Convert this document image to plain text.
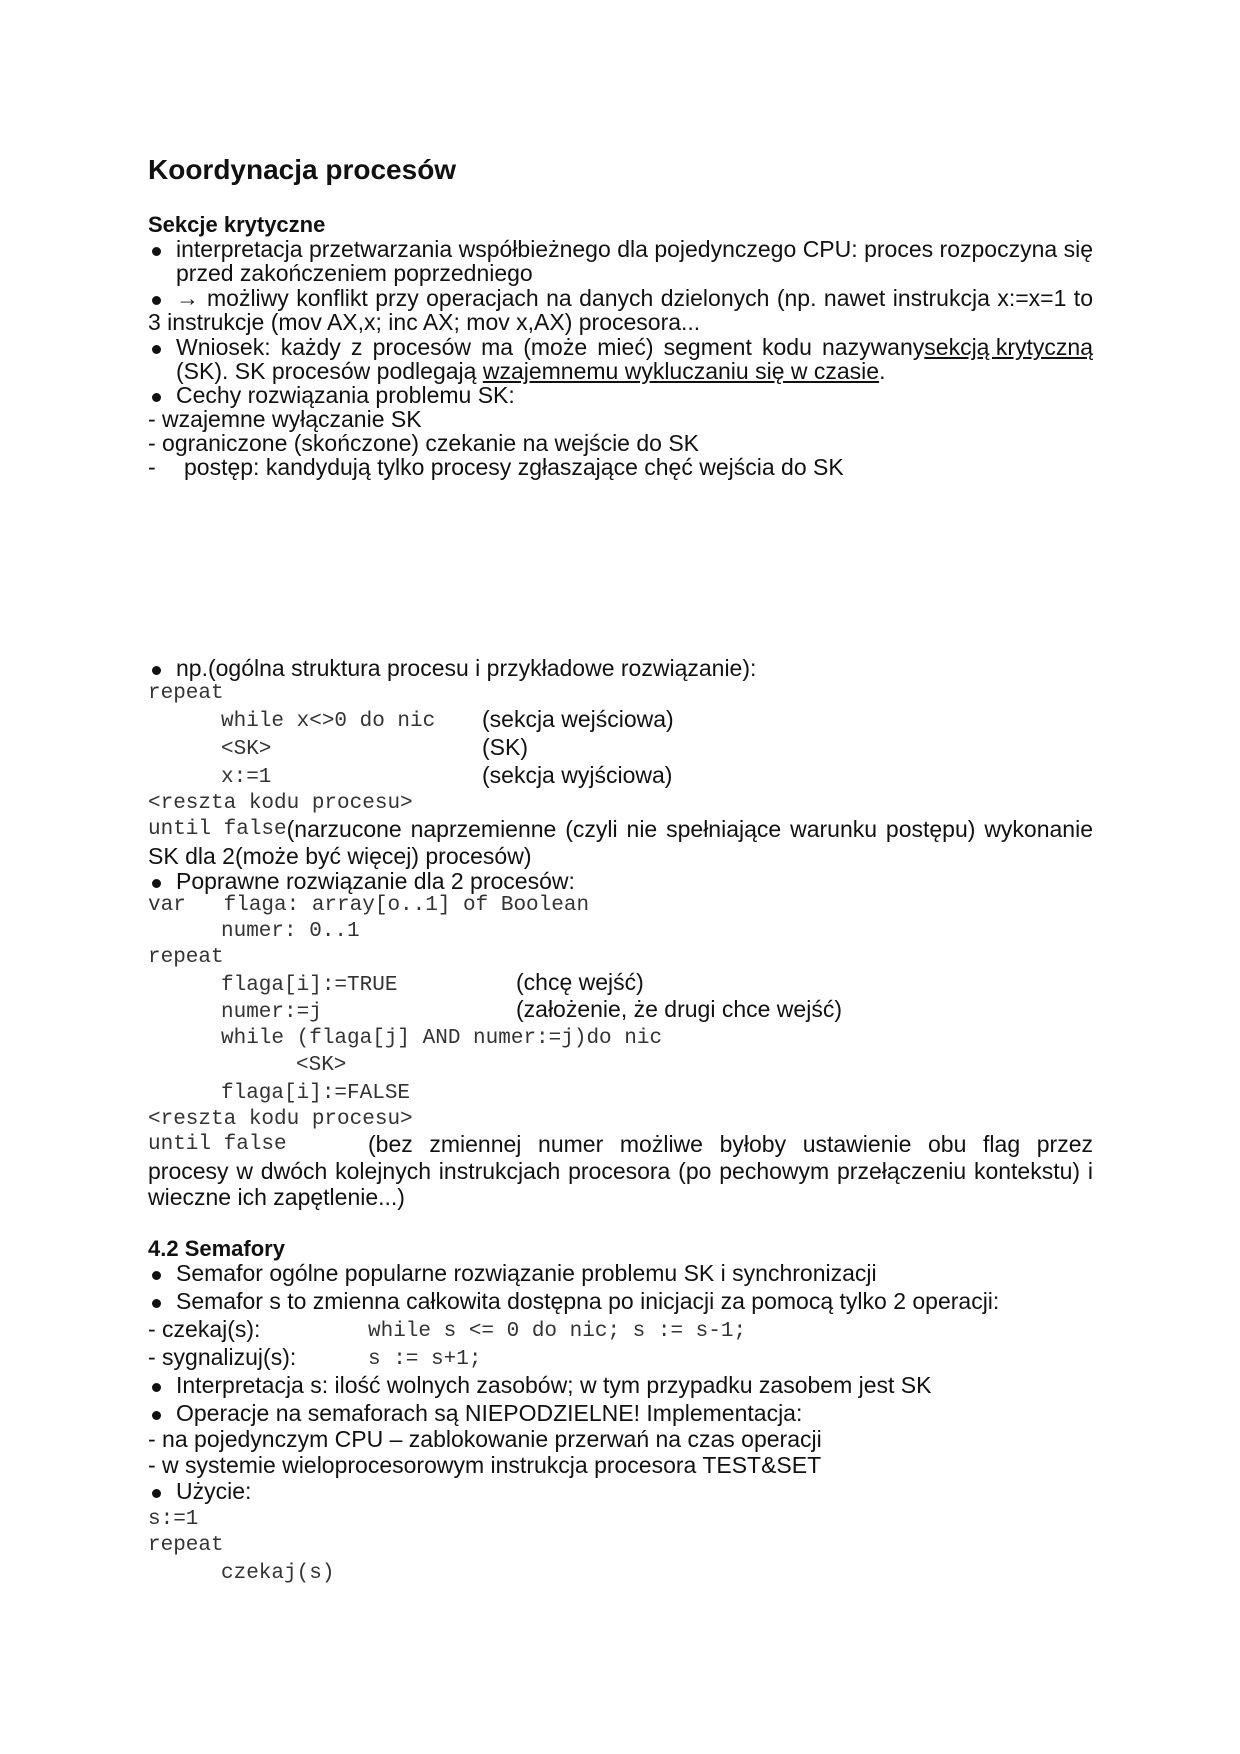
Koordynacja procesów
Sekcje krytyczne
interpretacja przetwarzania współbieżnego dla pojedynczego CPU: proces rozpoczyna się
przed zakończeniem poprzedniego
→ możliwy konflikt przy operacjach na danych dzielonych (np. nawet instrukcja x:=x=1 to
3 instrukcje (mov AX,x; inc AX; mov x,AX) procesora...
Wniosek: każdy z procesów ma (może mieć) segment kodu nazywany sekcją krytyczną
(SK). SK procesów podlegają wzajemnemu wykluczaniu się w czasie.
Cechy rozwiązania problemu SK:
- wzajemne wyłączanie SK
- ograniczone (skończone) czekanie na wejście do SK
- postęp: kandydują tylko procesy zgłaszające chęć wejścia do SK
np.(ogólna struktura procesu i przykładowe rozwiązanie):
repeat
while x<>0 do nic (sekcja wejściowa)
<SK>	(SK)
x:=1	(sekcja wyjściowa)
<reszta kodu procesu>
until false (narzucone naprzemienne (czyli nie spełniające warunku postępu) wykonanie
SK dla 2(może być więcej) procesów)
Poprawne rozwiązanie dla 2 procesów:
var   flaga: array[o..1] of Boolean
numer: 0..1
repeat
flaga[i]:=TRUE	(chcę wejść)
numer:=j	(założenie, że drugi chce wejść)
while (flaga[j] AND numer:=j)do nic
<SK>
flaga[i]:=FALSE
<reszta kodu procesu>
until false	(bez zmiennej numer możliwe byłoby ustawienie obu flag przez
procesy w dwóch kolejnych instrukcjach procesora (po pechowym przełączeniu kontekstu) i
wieczne ich zapętlenie...)
4.2 Semafory
Semafor ogólne popularne rozwiązanie problemu SK i synchronizacji
Semafor s to zmienna całkowita dostępna po inicjacji za pomocą tylko 2 operacji:
- czekaj(s):	while s <= 0 do nic; s := s-1;
- sygnalizuj(s):	s := s+1;
Interpretacja s: ilość wolnych zasobów; w tym przypadku zasobem jest SK
Operacje na semaforach są NIEPODZIELNE! Implementacja:
- na pojedynczym CPU – zablokowanie przerwań na czas operacji
- w systemie wieloprocesorowym instrukcja procesora TEST&SET
Użycie:
s:=1
repeat
czekaj(s)
